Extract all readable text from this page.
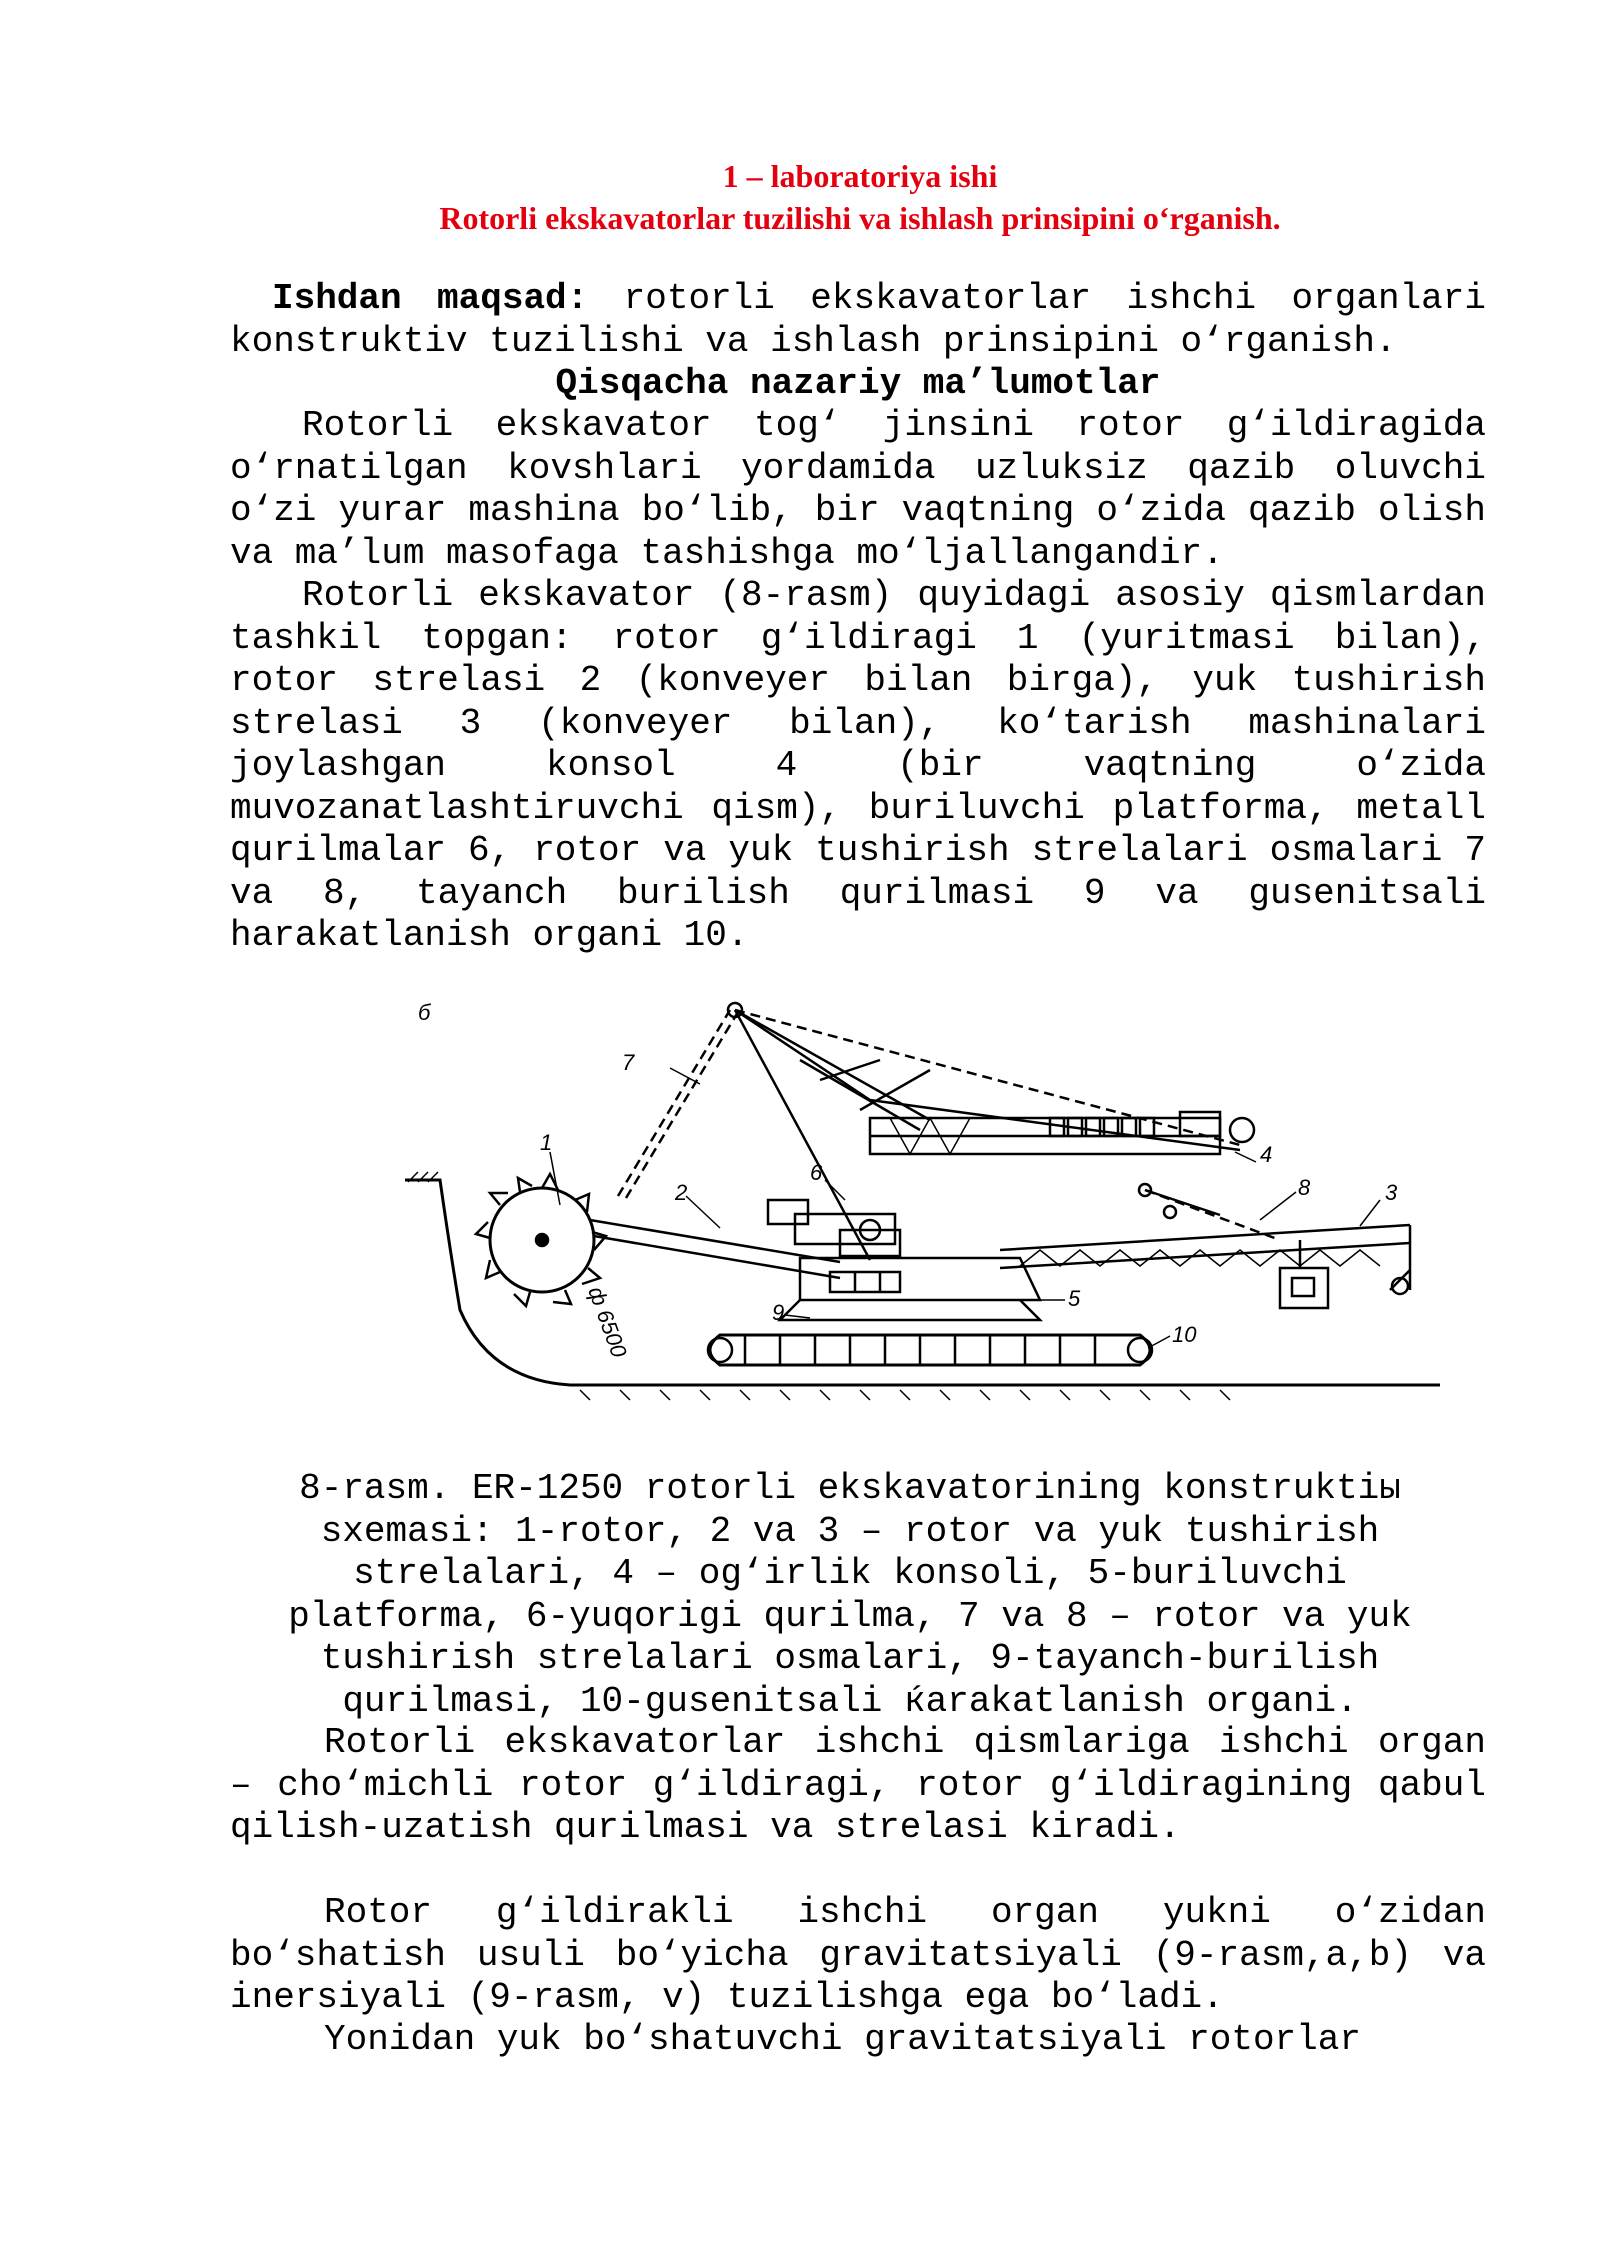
1 – laboratoriya ishi

Rotorli ekskavatorlar tuzilishi va ishlash prinsipini o‘rganish.

Ishdan maqsad: rotorli ekskavatorlar ishchi organlari konstruktiv tuzilishi va ishlash prinsipini o‘rganish.

Qisqacha nazariy ma’lumotlar

Rotorli ekskavator tog‘ jinsini rotor g‘ildiragida o‘rnatilgan kovshlari yordamida uzluksiz qazib oluvchi o‘zi yurar mashina bo‘lib, bir vaqtning o‘zida qazib olish va ma’lum masofaga tashishga mo‘ljallangandir.

Rotorli ekskavator (8-rasm) quyidagi asosiy qismlardan tashkil topgan: rotor g‘ildiragi 1 (yuritmasi bilan), rotor strelasi 2 (konveyer bilan birga), yuk tushirish strelasi 3 (konveyer bilan), ko‘tarish mashinalari joylashgan konsol 4 (bir vaqtning o‘zida muvozanatlashtiruvchi qism), buriluvchi platforma, metall qurilmalar 6, rotor va yuk tushirish strelalari osmalari 7 va 8, tayanch burilish qurilmasi 9 va gusenitsali harakatlanish organi 10.

б
1
2	3
4
5
6
7
8
9
10
ф 6500

8-rasm. ER-1250 rotorli ekskavatorining konstruktiы sxemasi: 1-rotor, 2 va 3 – rotor va yuk tushirish strelalari, 4 – og‘irlik konsoli, 5-buriluvchi platforma, 6-yuqorigi qurilma, 7 va 8 – rotor va yuk tushirish strelalari osmalari, 9-tayanch-burilish qurilmasi, 10-gusenitsali ќarakatlanish organi.

Rotorli ekskavatorlar ishchi qismlariga ishchi organ – cho‘michli rotor g‘ildiragi, rotor g‘ildiragining qabul qilish-uzatish qurilmasi va strelasi kiradi.

Rotor g‘ildirakli ishchi organ yukni o‘zidan bo‘shatish usuli bo‘yicha gravitatsiyali (9-rasm,a,b) va inersiyali (9-rasm, v) tuzilishga ega bo‘ladi.

Yonidan yuk bo‘shatuvchi gravitatsiyali rotorlar
